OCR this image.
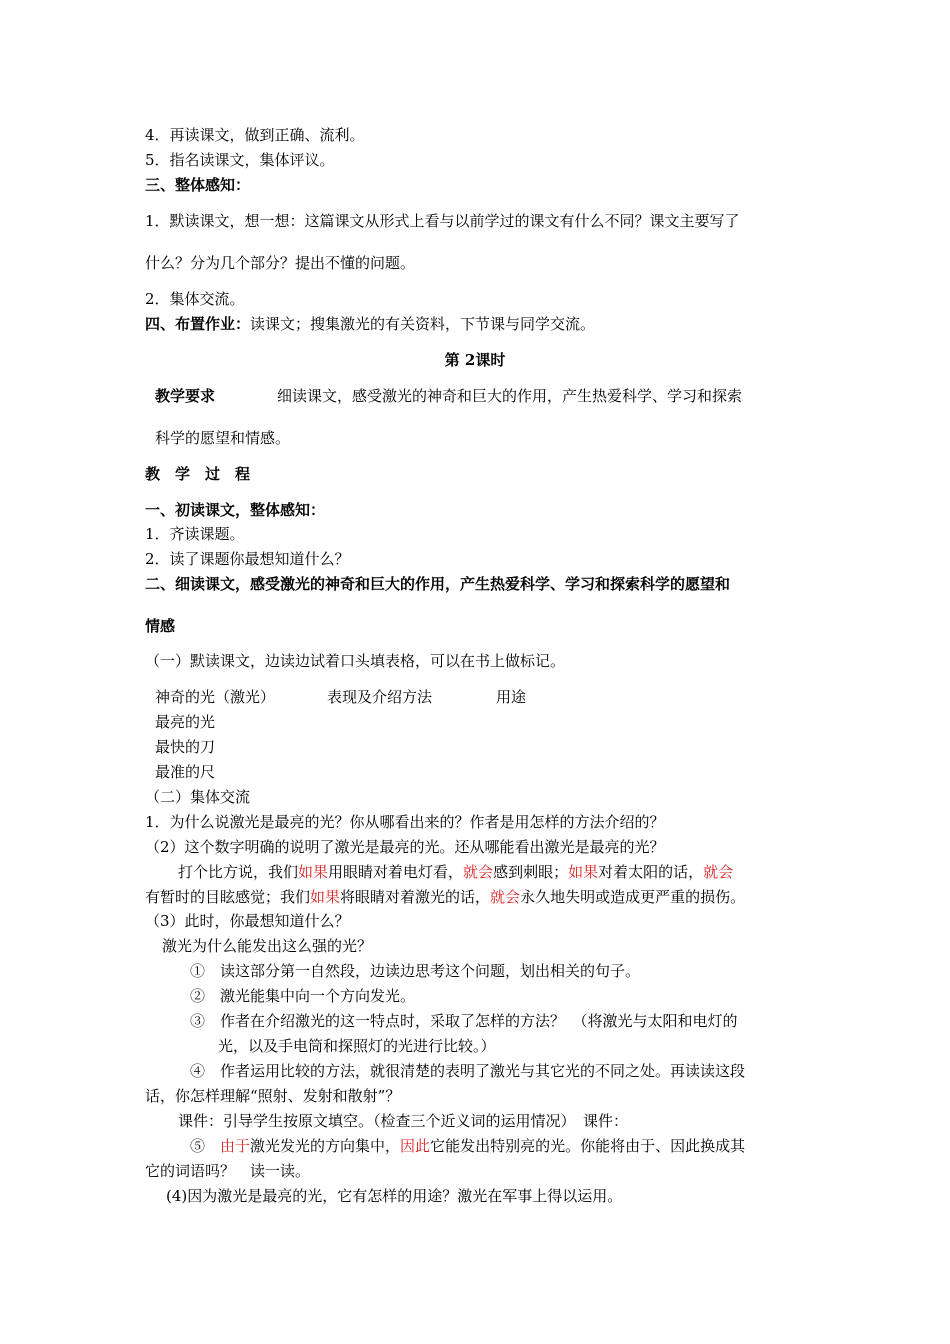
4．再读课文，做到正确、流利。

5．指名读课文，集体评议。

三、整体感知：

1．默读课文，想一想：这篇课文从形式上看与以前学过的课文有什么不同？课文主要写了

什么？分为几个部分？提出不懂的问题。

2．集体交流。

四、布置作业：读课文；搜集激光的有关资料，下节课与同学交流。

第 2课时

教学要求	细读课文，感受激光的神奇和巨大的作用，产生热爱科学、学习和探索

科学的愿望和情感。

教　学　过　程

一、初读课文，整体感知：

1．齐读课题。

2．读了课题你最想知道什么？

二、细读课文，感受激光的神奇和巨大的作用，产生热爱科学、学习和探索科学的愿望和

情感

（一）默读课文，边读边试着口头填表格，可以在书上做标记。

神奇的光（激光）	表现及介绍方法	用途

最亮的光

最快的刀

最准的尺

（二）集体交流

1．为什么说激光是最亮的光？你从哪看出来的？作者是用怎样的方法介绍的？

（2）这个数字明确的说明了激光是最亮的光。还从哪能看出激光是最亮的光？

打个比方说，我们如果用眼睛对着电灯看，就会感到刺眼；如果对着太阳的话，就会

有暂时的目眩感觉；我们如果将眼睛对着激光的话，就会永久地失明或造成更严重的损伤。

（3）此时，你最想知道什么？

激光为什么能发出这么强的光？

①　读这部分第一自然段，边读边思考这个问题，划出相关的句子。

②　激光能集中向一个方向发光。

③　作者在介绍激光的这一特点时，采取了怎样的方法？　（将激光与太阳和电灯的

光，以及手电筒和探照灯的光进行比较。）

④　作者运用比较的方法，就很清楚的表明了激光与其它光的不同之处。再读读这段

话，你怎样理解“照射、发射和散射”？

课件：引导学生按原文填空。（检查三个近义词的运用情况）　课件：

⑤　由于激光发光的方向集中，因此它能发出特别亮的光。你能将由于、因此换成其

它的词语吗？　读一读。

(4)因为激光是最亮的光，它有怎样的用途？激光在军事上得以运用。
